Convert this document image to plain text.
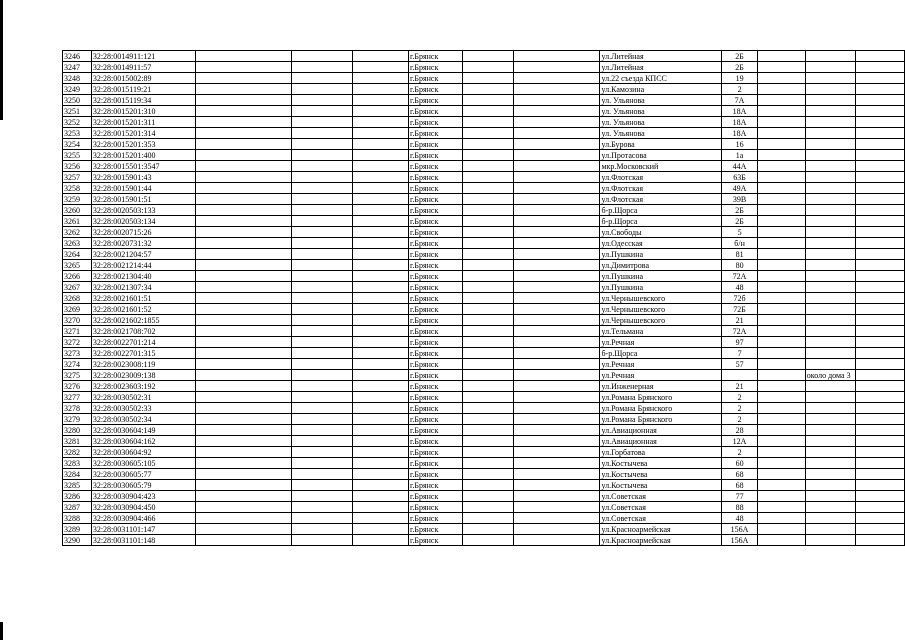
3246	32:28:0014911:121				г.Брянск			ул.Литейная	2Б			
3247	32:28:0014911:57				г.Брянск			ул.Литейная	2Б			
3248	32:28:0015002:89				г.Брянск			ул.22 съезда КПСС	19			
3249	32:28:0015119:21				г.Брянск			ул.Камозина	2			
3250	32:28:0015119:34				г.Брянск			ул. Ульянова	7А			
3251	32:28:0015201:310				г.Брянск			ул. Ульянова	18А			
3252	32:28:0015201:311				г.Брянск			ул. Ульянова	18А			
3253	32:28:0015201:314				г.Брянск			ул. Ульянова	18А			
3254	32:28:0015201:353				г.Брянск			ул.Бурова	16			
3255	32:28:0015201:400				г.Брянск			ул.Протасова	1а			
3256	32:28:0015501:3547				г.Брянск			мкр.Московский	44А			
3257	32:28:0015901:43				г.Брянск			ул.Флотская	63Б			
3258	32:28:0015901:44				г.Брянск			ул.Флотская	49А			
3259	32:28:0015901:51				г.Брянск			ул.Флотская	39В			
3260	32:28:0020503:133				г.Брянск			б-р.Щорса	2Б			
3261	32:28:0020503:134				г.Брянск			б-р.Щорса	2Б			
3262	32:28:0020715:26				г.Брянск			ул.Свободы	5			
3263	32:28:0020731:32				г.Брянск			ул.Одесская	б/н			
3264	32:28:0021204:57				г.Брянск			ул.Пушкина	81			
3265	32:28:0021214:44				г.Брянск			ул.Димитрова	80			
3266	32:28:0021304:40				г.Брянск			ул.Пушкина	72А			
3267	32:28:0021307:34				г.Брянск			ул.Пушкина	48			
3268	32:28:0021601:51				г.Брянск			ул.Чернышевского	72б			
3269	32:28:0021601:52				г.Брянск			ул.Чернышевского	72Б			
3270	32:28:0021602:1855				г.Брянск			ул.Чернышевского	21			
3271	32:28:0021708:702				г.Брянск			ул.Тельмана	72А			
3272	32:28:0022701:214				г.Брянск			ул.Речная	97			
3273	32:28:0022701:315				г.Брянск			б-р.Щорса	7			
3274	32:28:0023008:119				г.Брянск			ул.Речная	57			
3275	32:28:0023009:138				г.Брянск			ул.Речная			около дома 3	
3276	32:28:0023603:192				г.Брянск			ул.Инженерная	21			
3277	32:28:0030502:31				г.Брянск			ул.Романа Брянского	2			
3278	32:28:0030502:33				г.Брянск			ул.Романа Брянского	2			
3279	32:28:0030502:34				г.Брянск			ул.Романа Брянского	2			
3280	32:28:0030604:149				г.Брянск			ул.Авиационная	28			
3281	32:28:0030604:162				г.Брянск			ул.Авиационная	12А			
3282	32:28:0030604:92				г.Брянск			ул.Горбатова	2			
3283	32:28:0030605:105				г.Брянск			ул.Костычева	60			
3284	32:28:0030605:77				г.Брянск			ул.Костычева	68			
3285	32:28:0030605:79				г.Брянск			ул.Костычева	68			
3286	32:28:0030904:423				г.Брянск			ул.Советская	77			
3287	32:28:0030904:450				г.Брянск			ул.Советская	88			
3288	32:28:0030904:466				г.Брянск			ул.Советская	48			
3289	32:28:0031101:147				г.Брянск			ул.Красноармейская	156А			
3290	32:28:0031101:148				г.Брянск			ул.Красноармейская	156А			
